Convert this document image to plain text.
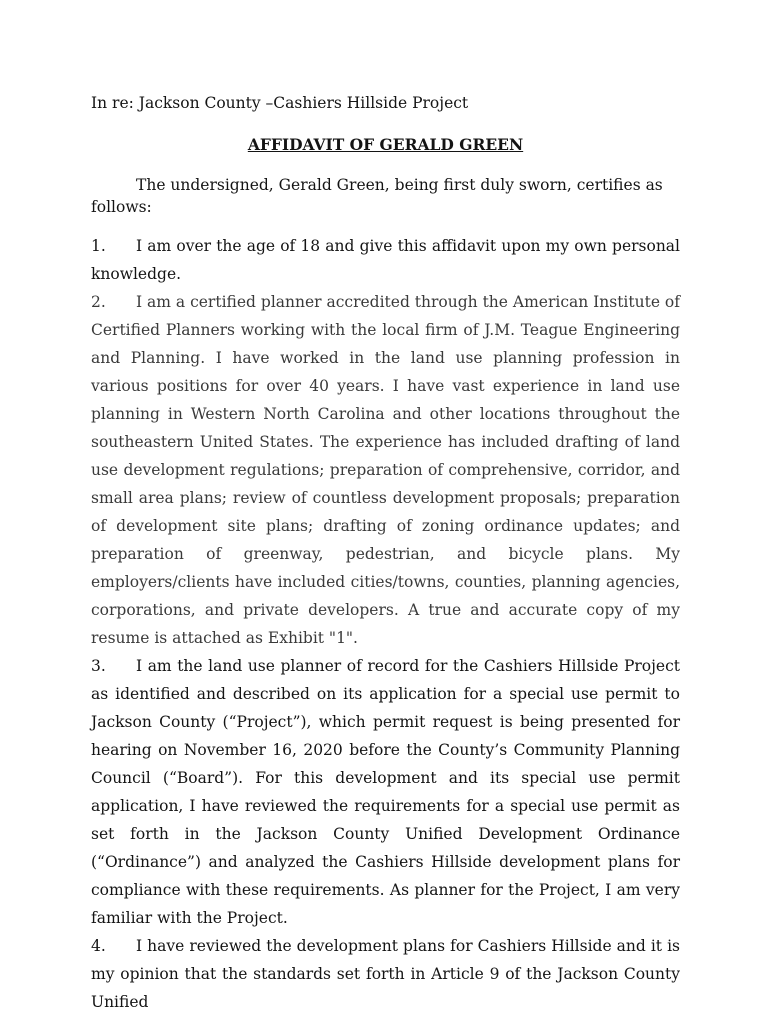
In re: Jackson County –Cashiers Hillside Project

AFFIDAVIT OF GERALD GREEN

The undersigned, Gerald Green, being first duly sworn, certifies as follows:

1. I am over the age of 18 and give this affidavit upon my own personal knowledge.

2. I am a certified planner accredited through the American Institute of Certified Planners working with the local firm of J.M. Teague Engineering and Planning. I have worked in the land use planning profession in various positions for over 40 years. I have vast experience in land use planning in Western North Carolina and other locations throughout the southeastern United States. The experience has included drafting of land use development regulations; preparation of comprehensive, corridor, and small area plans; review of countless development proposals; preparation of development site plans; drafting of zoning ordinance updates; and preparation of greenway, pedestrian, and bicycle plans. My employers/clients have included cities/towns, counties, planning agencies, corporations, and private developers. A true and accurate copy of my resume is attached as Exhibit "1".

3. I am the land use planner of record for the Cashiers Hillside Project as identified and described on its application for a special use permit to Jackson County (“Project”), which permit request is being presented for hearing on November 16, 2020 before the County’s Community Planning Council (“Board”). For this development and its special use permit application, I have reviewed the requirements for a special use permit as set forth in the Jackson County Unified Development Ordinance (“Ordinance”) and analyzed the Cashiers Hillside development plans for compliance with these requirements. As planner for the Project, I am very familiar with the Project.

4. I have reviewed the development plans for Cashiers Hillside and it is my opinion that the standards set forth in Article 9 of the Jackson County Unified
